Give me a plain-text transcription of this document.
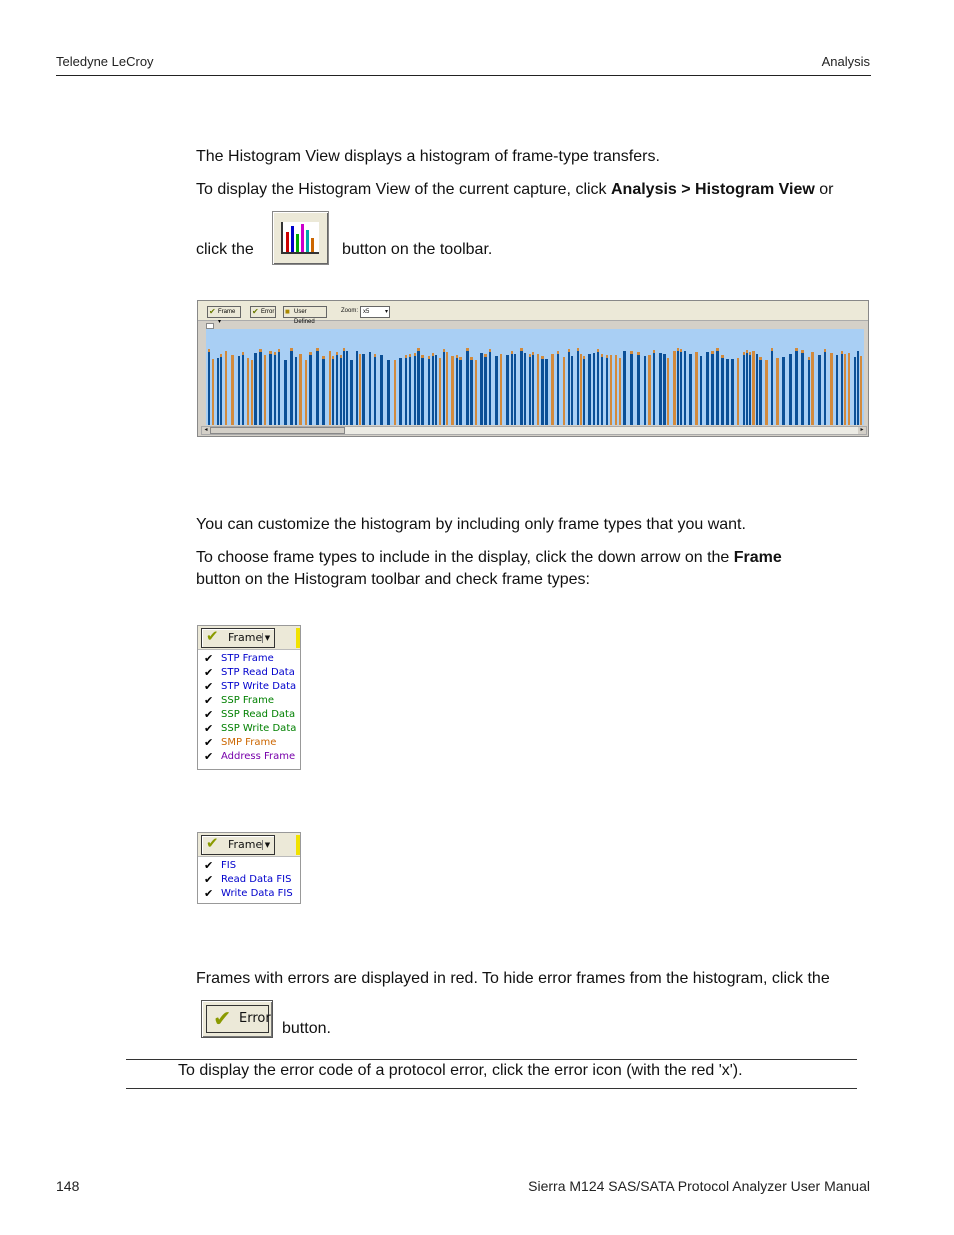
Teledyne LeCroy	Analysis
The Histogram View displays a histogram of frame-type transfers.
To display the Histogram View of the current capture, click Analysis > Histogram View or
click the	button on the toolbar.
✔ Frame ▾
✔ Error ■ User Defined
Zoom: x5	▾
◂	▸
You can customize the histogram by including only frame types that you want.
To choose frame types to include in the display, click the down arrow on the Frame
button on the Histogram toolbar and check frame types:
✔ Frame ▼
✔ STP Frame
✔ STP Read Data
✔ STP Write Data
✔ SSP Frame
✔ SSP Read Data
✔ SSP Write Data
✔ SMP Frame
✔ Address Frame
✔ Frame ▼
✔ FIS
✔ Read Data FIS
✔ Write Data FIS
Frames with errors are displayed in red. To hide error frames from the histogram, click the
✔ Error
button.
To display the error code of a protocol error, click the error icon (with the red 'x').
148	Sierra M124 SAS/SATA Protocol Analyzer User Manual
